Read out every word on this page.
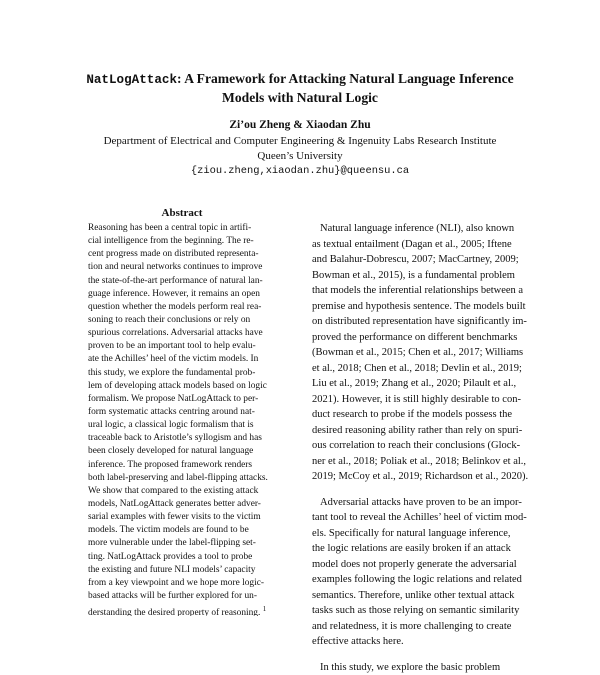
NatLogAttack: A Framework for Attacking Natural Language Inference
Models with Natural Logic
Zi’ou Zheng & Xiaodan Zhu
Department of Electrical and Computer Engineering & Ingenuity Labs Research Institute
Queen’s University
{ziou.zheng,xiaodan.zhu}@queensu.ca
Abstract
Reasoning has been a central topic in artifi-
cial intelligence from the beginning. The re-
cent progress made on distributed representa-
tion and neural networks continues to improve
the state-of-the-art performance of natural lan-
guage inference. However, it remains an open
question whether the models perform real rea-
soning to reach their conclusions or rely on
spurious correlations. Adversarial attacks have
proven to be an important tool to help evalu-
ate the Achilles’ heel of the victim models. In
this study, we explore the fundamental prob-
lem of developing attack models based on logic
formalism. We propose NatLogAttack to per-
form systematic attacks centring around nat-
ural logic, a classical logic formalism that is
traceable back to Aristotle’s syllogism and has
been closely developed for natural language
inference. The proposed framework renders
both label-preserving and label-flipping attacks.
We show that compared to the existing attack
models, NatLogAttack generates better adver-
sarial examples with fewer visits to the victim
models. The victim models are found to be
more vulnerable under the label-flipping set-
ting. NatLogAttack provides a tool to probe
the existing and future NLI models’ capacity
from a key viewpoint and we hope more logic-
based attacks will be further explored for un-
derstanding the desired property of reasoning. $^1$
Natural language inference (NLI), also known
as textual entailment (Dagan et al., 2005; Iftene
and Balahur-Dobrescu, 2007; MacCartney, 2009;
Bowman et al., 2015), is a fundamental problem
that models the inferential relationships between a
premise and hypothesis sentence. The models built
on distributed representation have significantly im-
proved the performance on different benchmarks
(Bowman et al., 2015; Chen et al., 2017; Williams
et al., 2018; Chen et al., 2018; Devlin et al., 2019;
Liu et al., 2019; Zhang et al., 2020; Pilault et al.,
2021). However, it is still highly desirable to con-
duct research to probe if the models possess the
desired reasoning ability rather than rely on spuri-
ous correlation to reach their conclusions (Glock-
ner et al., 2018; Poliak et al., 2018; Belinkov et al.,
2019; McCoy et al., 2019; Richardson et al., 2020).
Adversarial attacks have proven to be an impor-
tant tool to reveal the Achilles’ heel of victim mod-
els. Specifically for natural language inference,
the logic relations are easily broken if an attack
model does not properly generate the adversarial
examples following the logic relations and related
semantics. Therefore, unlike other textual attack
tasks such as those relying on semantic similarity
and relatedness, it is more challenging to create
effective attacks here.
In this study, we explore the basic problem
